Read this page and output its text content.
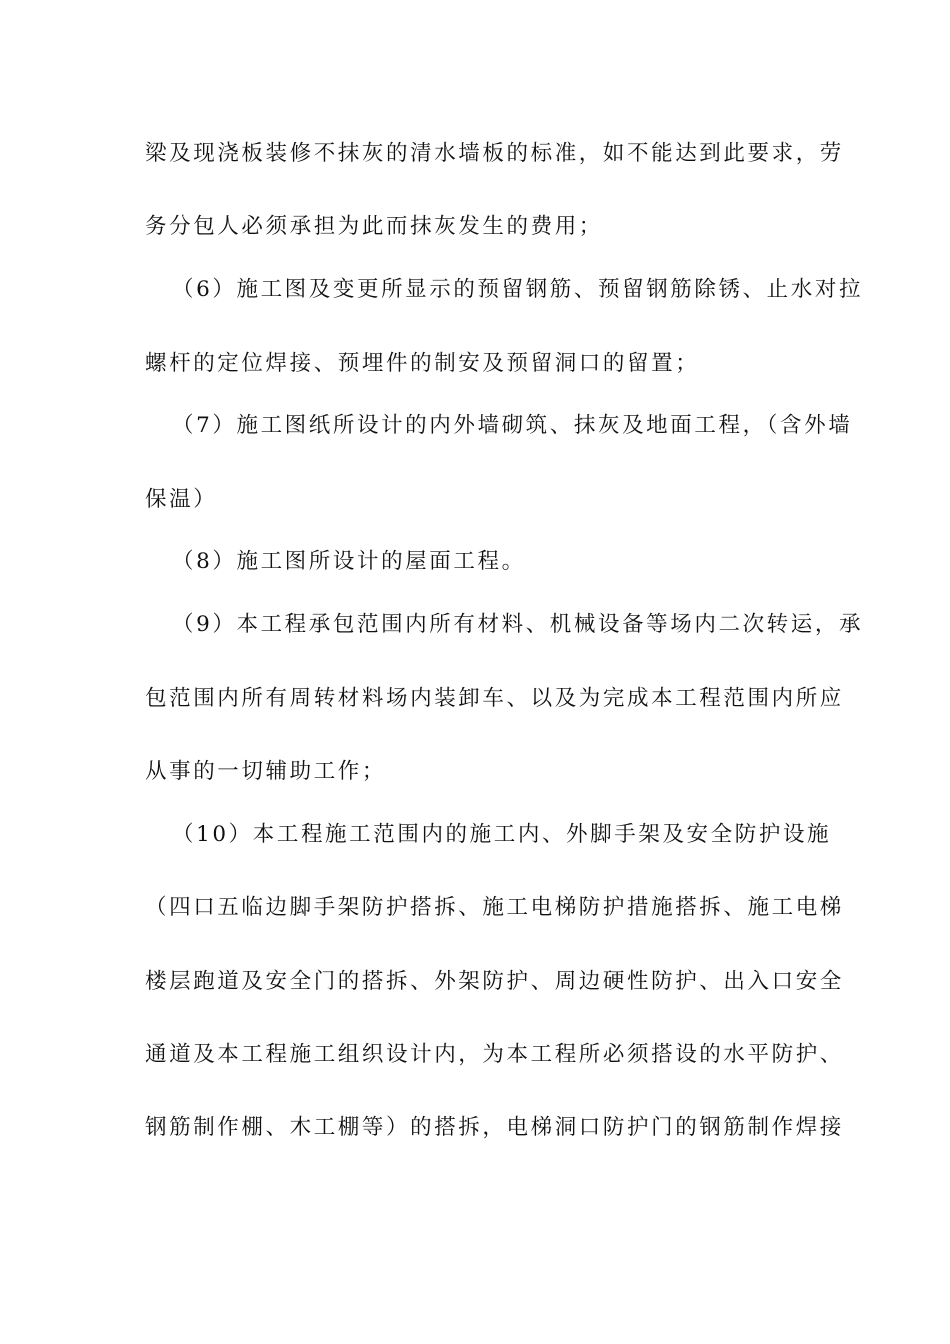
梁及现浇板装修不抹灰的清水墙板的标准，如不能达到此要求，劳
务分包人必须承担为此而抹灰发生的费用；
（6）施工图及变更所显示的预留钢筋、预留钢筋除锈、止水对拉
螺杆的定位焊接、预埋件的制安及预留洞口的留置；
（7）施工图纸所设计的内外墙砌筑、抹灰及地面工程，（含外墙
保温）
（8）施工图所设计的屋面工程。
（9）本工程承包范围内所有材料、机械设备等场内二次转运，承
包范围内所有周转材料场内装卸车、以及为完成本工程范围内所应
从事的一切辅助工作；
（10）本工程施工范围内的施工内、外脚手架及安全防护设施
（四口五临边脚手架防护搭拆、施工电梯防护措施搭拆、施工电梯
楼层跑道及安全门的搭拆、外架防护、周边硬性防护、出入口安全
通道及本工程施工组织设计内，为本工程所必须搭设的水平防护、
钢筋制作棚、木工棚等）的搭拆，电梯洞口防护门的钢筋制作焊接
